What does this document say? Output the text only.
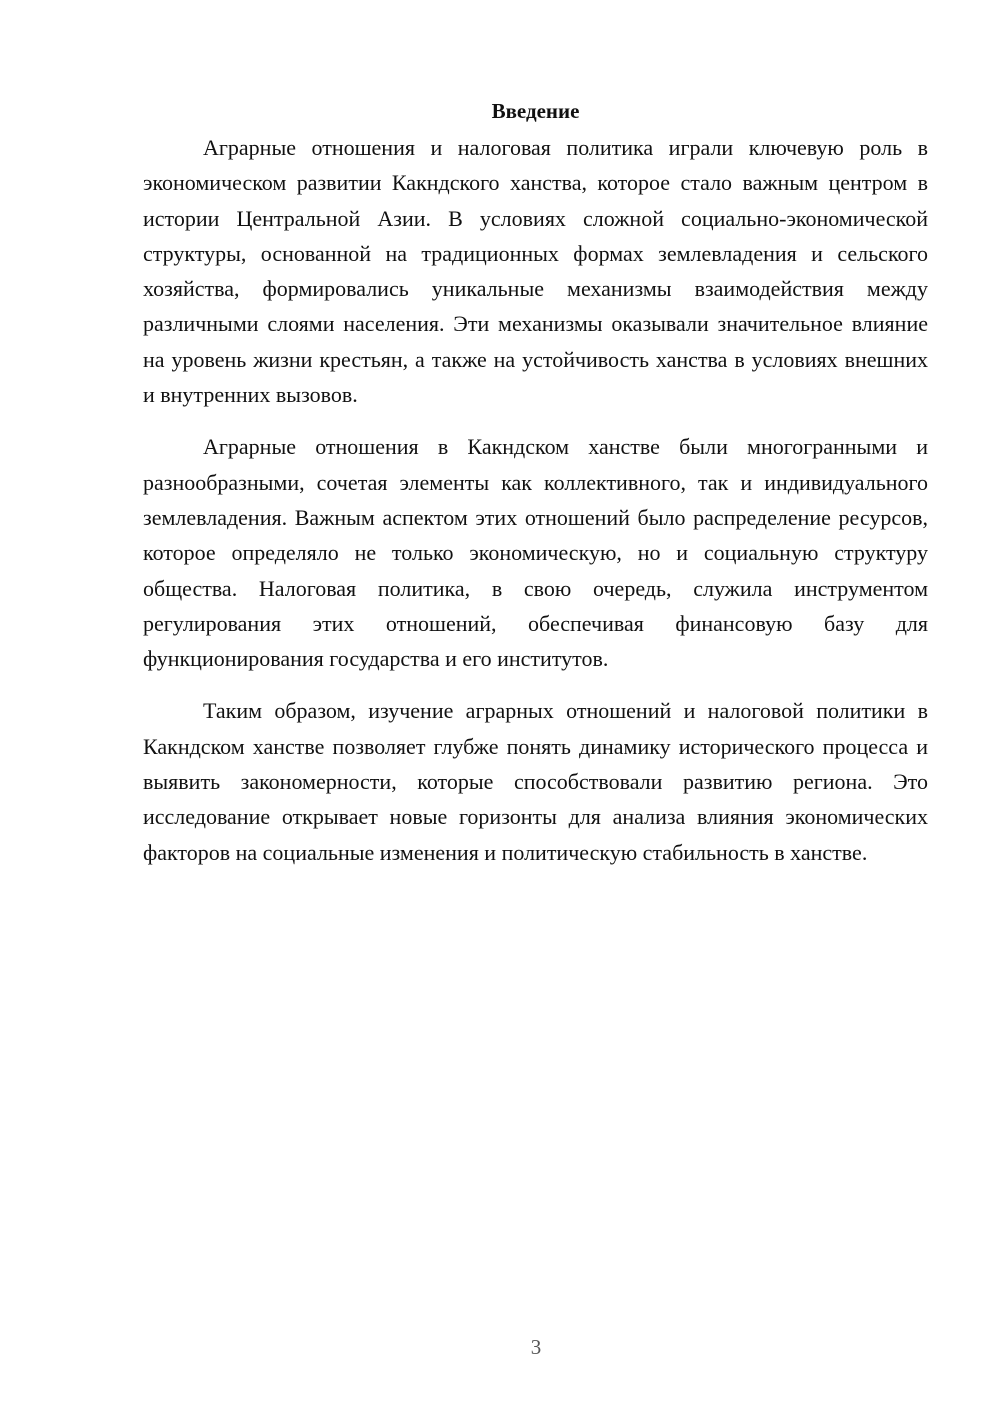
Введение

Аграрные отношения и налоговая политика играли ключевую роль в экономическом развитии Какндского ханства, которое стало важным центром в истории Центральной Азии. В условиях сложной социально-экономической структуры, основанной на традиционных формах землевладения и сельского хозяйства, формировались уникальные механизмы взаимодействия между различными слоями населения. Эти механизмы оказывали значительное влияние на уровень жизни крестьян, а также на устойчивость ханства в условиях внешних и внутренних вызовов.

Аграрные отношения в Какндском ханстве были многогранными и разнообразными, сочетая элементы как коллективного, так и индивидуального землевладения. Важным аспектом этих отношений было распределение ресурсов, которое определяло не только экономическую, но и социальную структуру общества. Налоговая политика, в свою очередь, служила инструментом регулирования этих отношений, обеспечивая финансовую базу для функционирования государства и его институтов.

Таким образом, изучение аграрных отношений и налоговой политики в Какндском ханстве позволяет глубже понять динамику исторического процесса и выявить закономерности, которые способствовали развитию региона. Это исследование открывает новые горизонты для анализа влияния экономических факторов на социальные изменения и политическую стабильность в ханстве.

3
